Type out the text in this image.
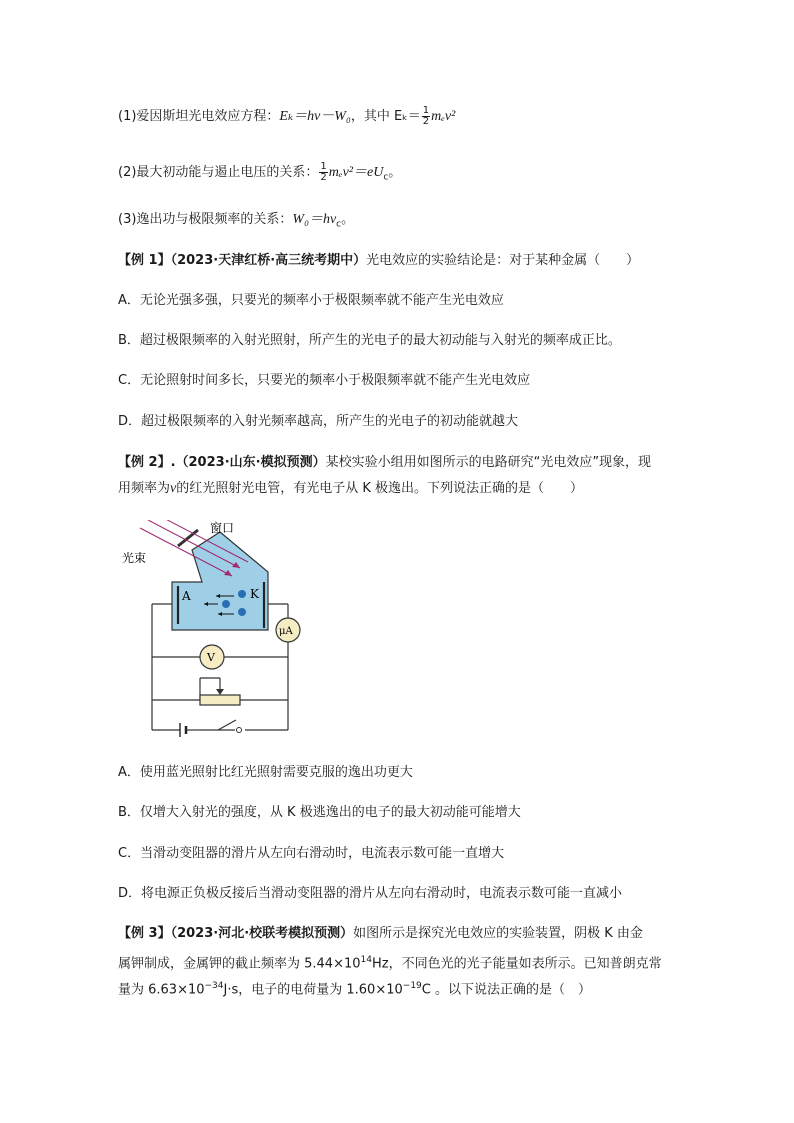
(1)爱因斯坦光电效应方程：Eₖ＝hν－W₀，其中 $E_k= \frac{1}{2} m_ev^2$
(2)最大初动能与遏止电压的关系： $\frac{1}{2} m_ev^2=eU_c$。
(3)逸出功与极限频率的关系：$W_0=h\nu_c$。
【例 1】（2023·天津红桥·高三统考期中）光电效应的实验结论是：对于某种金属（　　）
A．无论光强多强，只要光的频率小于极限频率就不能产生光电效应
B．超过极限频率的入射光照射，所产生的光电子的最大初动能与入射光的频率成正比。
C．无论照射时间多长，只要光的频率小于极限频率就不能产生光电效应
D．超过极限频率的入射光频率越高，所产生的光电子的初动能就越大
【例 2】.（2023·山东·模拟预测）某校实验小组用如图所示的电路研究“光电效应”现象，现
用频率为ν的红光照射光电管，有光电子从 K 极逸出。下列说法正确的是（　　）
A	K
窗口
光束
μA
V
A．使用蓝光照射比红光照射需要克服的逸出功更大
B．仅增大入射光的强度，从 K 极逃逸出的电子的最大初动能可能增大
C．当滑动变阻器的滑片从左向右滑动时，电流表示数可能一直增大
D．将电源正负极反接后当滑动变阻器的滑片从左向右滑动时，电流表示数可能一直减小
【例 3】（2023·河北·校联考模拟预测）如图所示是探究光电效应的实验装置，阴极 K 由金
属钾制成，金属钾的截止频率为 $5.44\times 10^{14}Hz$，不同色光的光子能量如表所示。已知普朗克常
量为 $6.63\times 10^{-34}J\cdot s$，电子的电荷量为 $1.60\times 10^{-19}C$ 。以下说法正确的是（　）
